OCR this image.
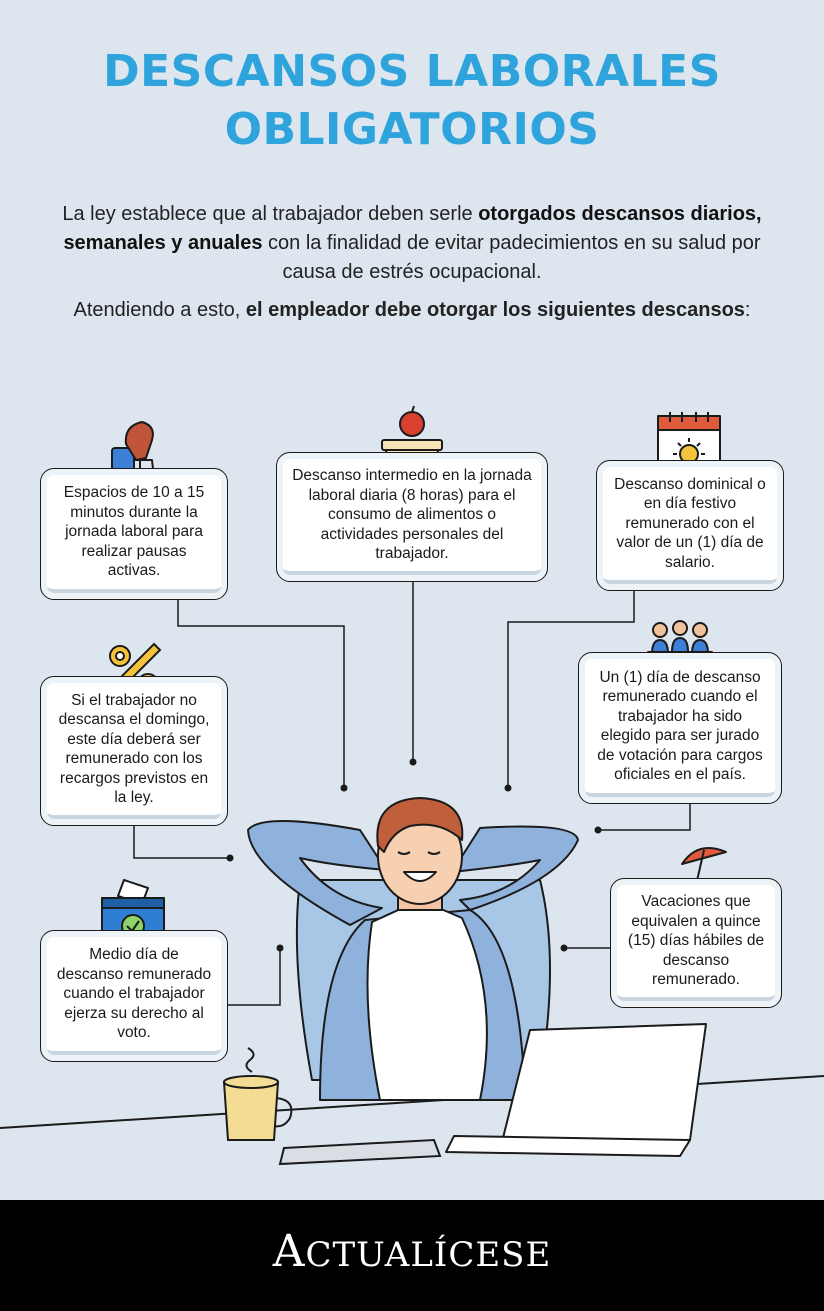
DESCANSOS LABORALES
OBLIGATORIOS
La ley establece que al trabajador deben serle otorgados descansos diarios, semanales y anuales con la finalidad de evitar padecimientos en su salud por causa de estrés ocupacional.
Atendiendo a esto, el empleador debe otorgar los siguientes descansos:
Espacios de 10 a 15 minutos durante la jornada laboral para realizar pausas activas.
Descanso intermedio en la jornada laboral diaria (8 horas) para el consumo de alimentos o actividades personales del trabajador.
Descanso dominical o en día festivo remunerado con el valor de un (1) día de salario.
Si el trabajador no descansa el domingo, este día deberá ser remunerado con los recargos previstos en la ley.
Un (1) día de descanso remunerado cuando el trabajador ha sido elegido para ser jurado de votación para cargos oficiales en el país.
Medio día de descanso remunerado cuando el trabajador ejerza su derecho al voto.
Vacaciones que equivalen a quince (15) días hábiles de descanso remunerado.
ACTUALÍCESE
